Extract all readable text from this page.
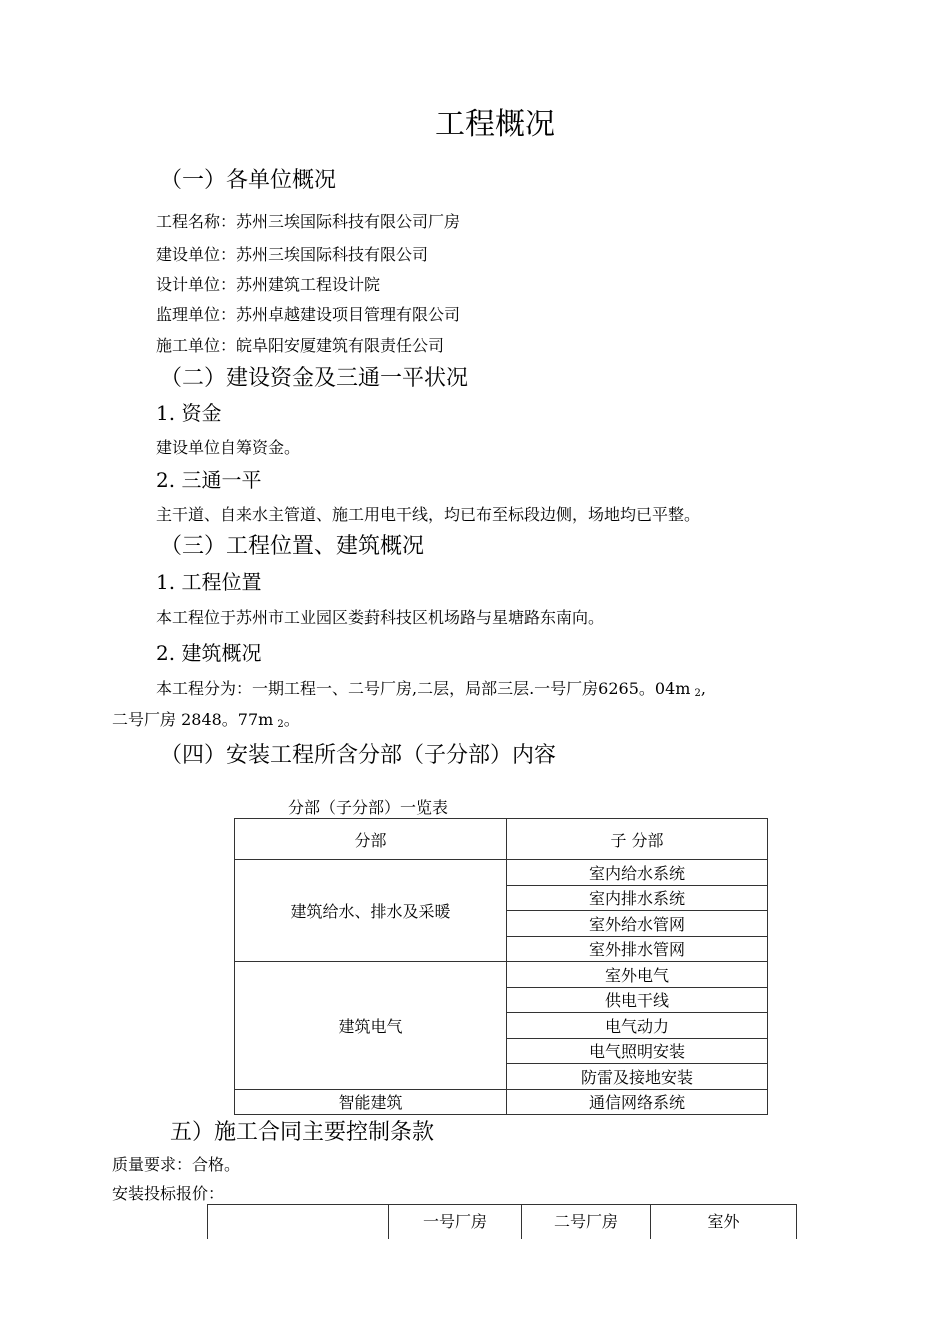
工程概况
（一）各单位概况
工程名称：苏州三埃国际科技有限公司厂房
建设单位：苏州三埃国际科技有限公司
设计单位：苏州建筑工程设计院
监理单位：苏州卓越建设项目管理有限公司
施工单位：皖阜阳安厦建筑有限责任公司
（二）建设资金及三通一平状况
1. 资金
建设单位自筹资金。
2. 三通一平
主干道、自来水主管道、施工用电干线，均已布至标段边侧，场地均已平整。
（三）工程位置、建筑概况
1. 工程位置
本工程位于苏州市工业园区娄葑科技区机场路与星塘路东南向。
2. 建筑概况
本工程分为：一期工程一、二号厂房,二层，局部三层.一号厂房6265。04m $_2$,
二号厂房 2848。77m $_2$。
（四）安装工程所含分部（子分部）内容
分部（子分部）一览表
分部	子 分部
建筑给水、排水及采暖	室内给水系统
	室内排水系统
	室外给水管网
	室外排水管网
建筑电气	室外电气
	供电干线
	电气动力
	电气照明安装
	防雷及接地安装
智能建筑	通信网络系统
五）施工合同主要控制条款
质量要求：合格。
安装投标报价：
	一号厂房	二号厂房	室外
